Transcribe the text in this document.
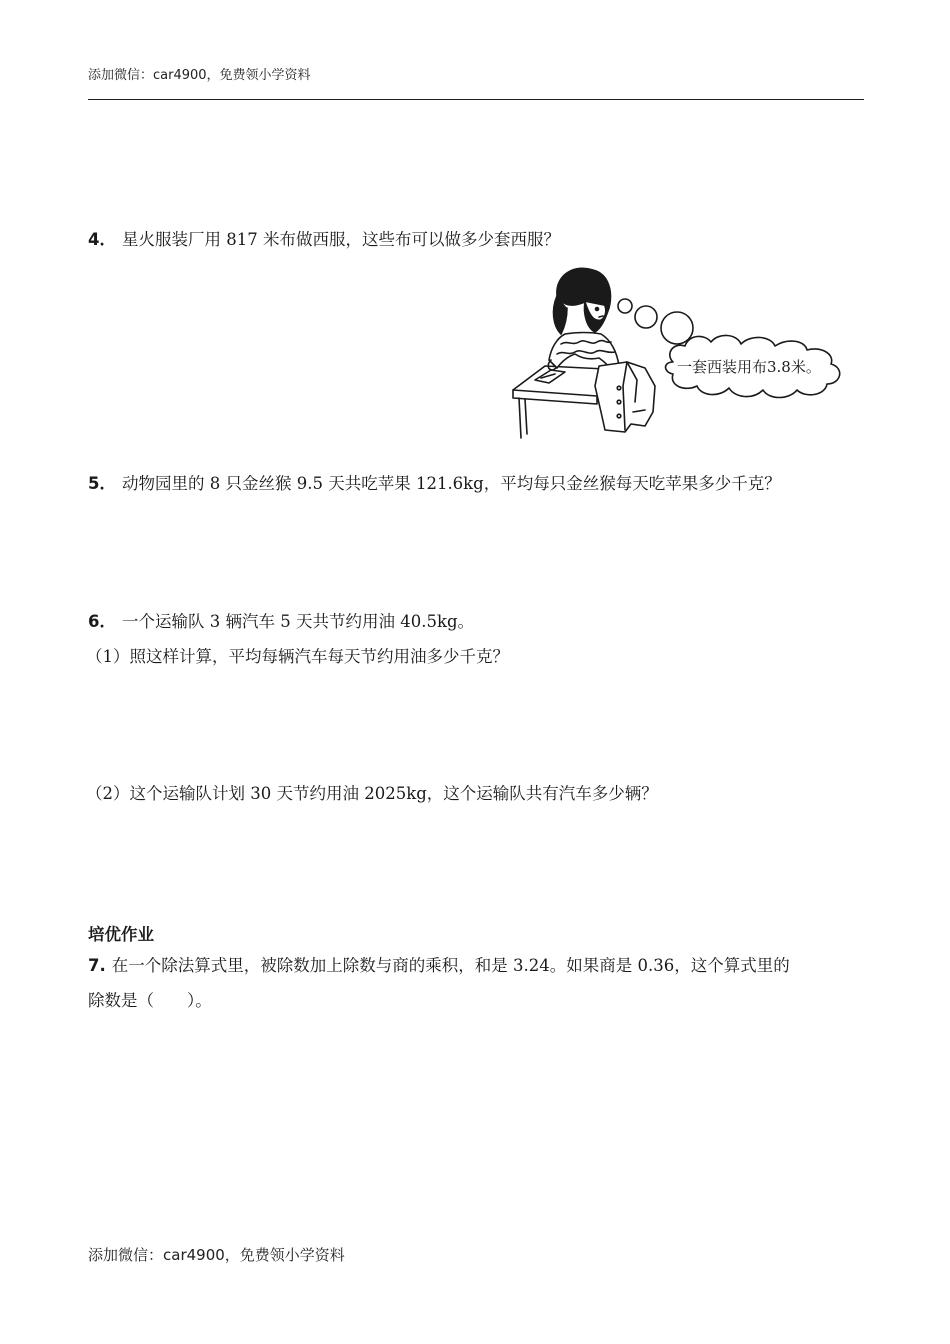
添加微信：car4900，免费领小学资料
4． 星火服装厂用 817 米布做西服，这些布可以做多少套西服？
一套西装用布3.8米。
5． 动物园里的 8 只金丝猴 9.5 天共吃苹果 121.6kg，平均每只金丝猴每天吃苹果多少千克？
6． 一个运输队 3 辆汽车 5 天共节约用油 40.5kg。
（1）照这样计算，平均每辆汽车每天节约用油多少千克？
（2）这个运输队计划 30 天节约用油 2025kg，这个运输队共有汽车多少辆？
培优作业
7. 在一个除法算式里，被除数加上除数与商的乘积，和是 3.24。如果商是 0.36，这个算式里的
除数是（　　）。
添加微信：car4900，免费领小学资料
